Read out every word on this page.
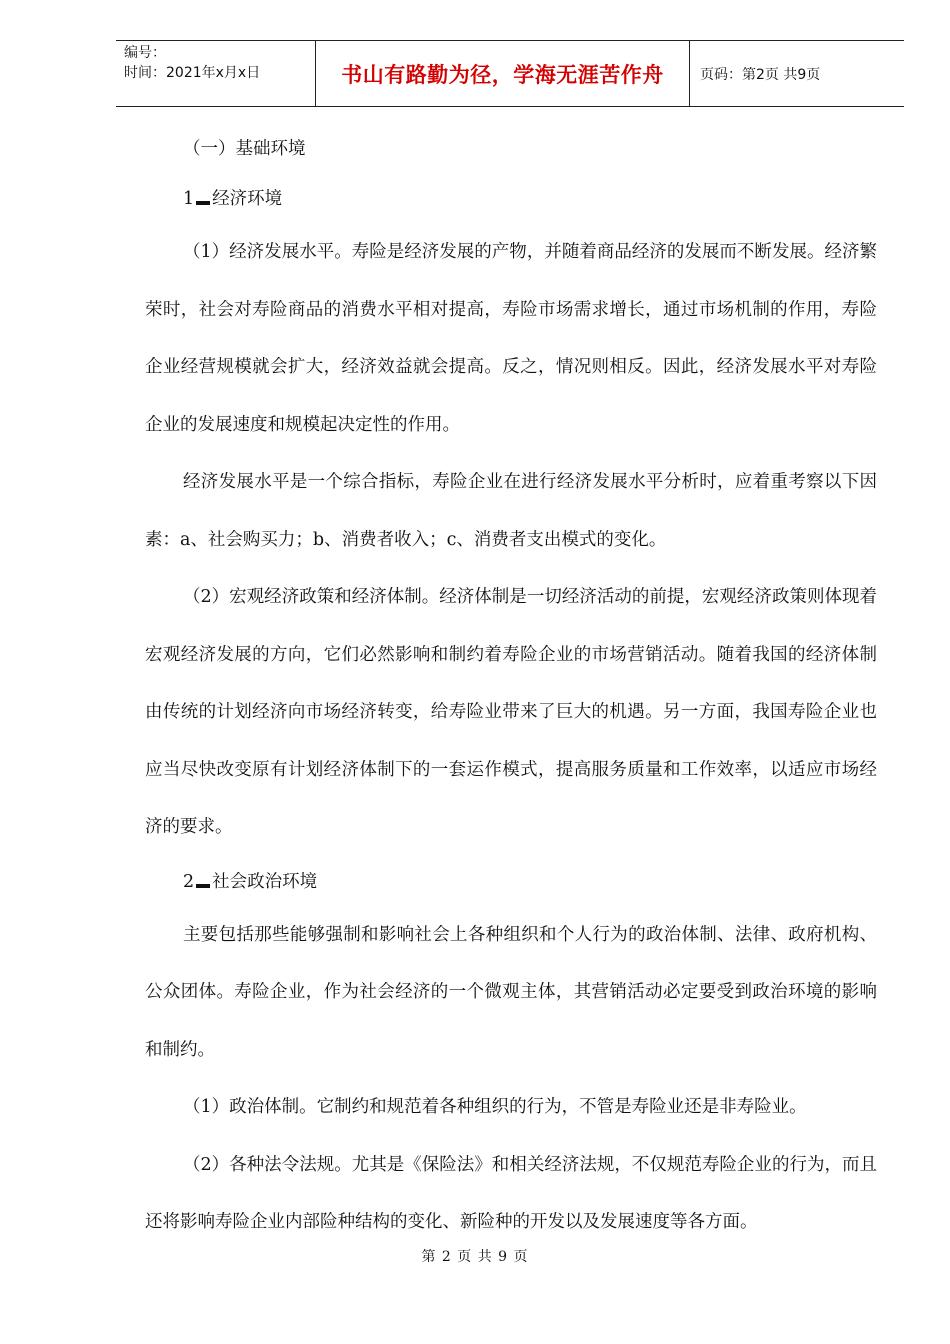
编号：
时间：2021年x月x日	书山有路勤为径，学海无涯苦作舟	页码：第2页 共9页

（一）基础环境

1 经济环境

（1）经济发展水平。寿险是经济发展的产物，并随着商品经济的发展而不断发展。经济繁荣时，社会对寿险商品的消费水平相对提高，寿险市场需求增长，通过市场机制的作用，寿险企业经营规模就会扩大，经济效益就会提高。反之，情况则相反。因此，经济发展水平对寿险企业的发展速度和规模起决定性的作用。

经济发展水平是一个综合指标，寿险企业在进行经济发展水平分析时，应着重考察以下因素：a、社会购买力；b、消费者收入；c、消费者支出模式的变化。

（2）宏观经济政策和经济体制。经济体制是一切经济活动的前提，宏观经济政策则体现着宏观经济发展的方向，它们必然影响和制约着寿险企业的市场营销活动。随着我国的经济体制由传统的计划经济向市场经济转变，给寿险业带来了巨大的机遇。另一方面，我国寿险企业也应当尽快改变原有计划经济体制下的一套运作模式，提高服务质量和工作效率，以适应市场经济的要求。

2 社会政治环境

主要包括那些能够强制和影响社会上各种组织和个人行为的政治体制、法律、政府机构、公众团体。寿险企业，作为社会经济的一个微观主体，其营销活动必定要受到政治环境的影响和制约。

（1）政治体制。它制约和规范着各种组织的行为，不管是寿险业还是非寿险业。

（2）各种法令法规。尤其是《保险法》和相关经济法规，不仅规范寿险企业的行为，而且还将影响寿险企业内部险种结构的变化、新险种的开发以及发展速度等各方面。

第 2 页 共 9 页
